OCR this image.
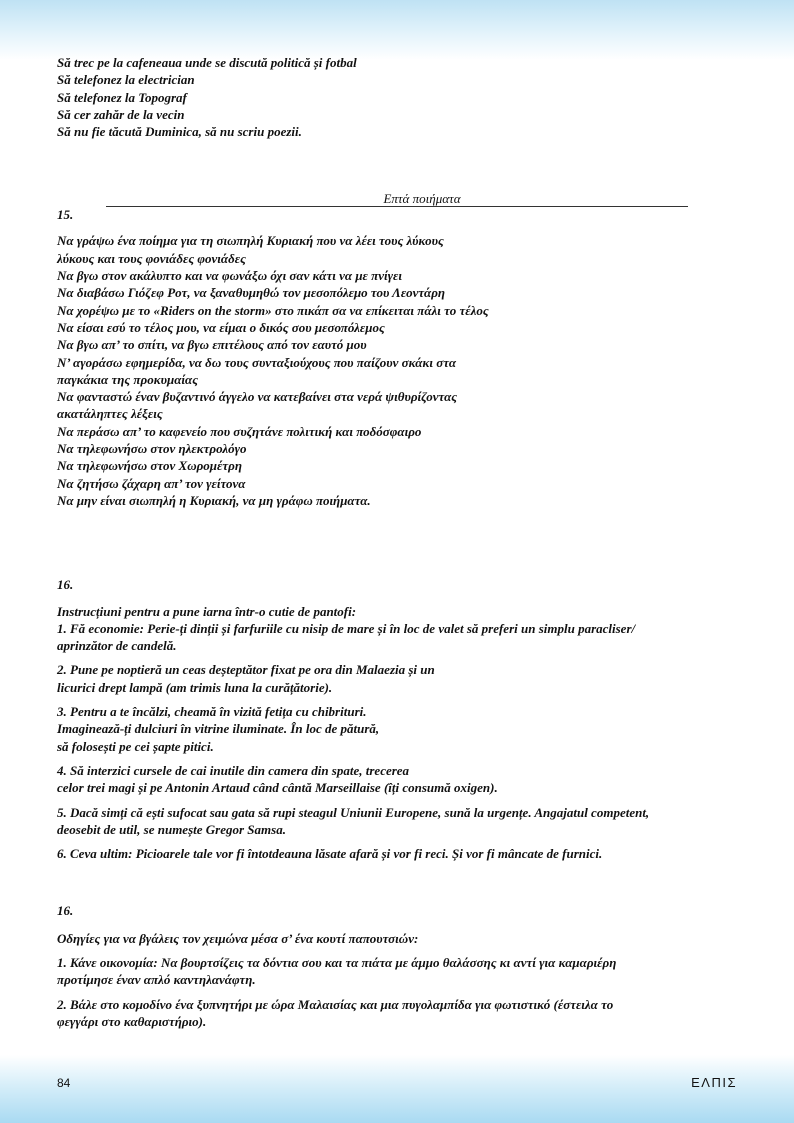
Să trec pe la cafeneaua unde se discută politică și fotbal
Să telefonez la electrician
Să telefonez la Topograf
Să cer zahăr de la vecin
Să nu fie tăcută Duminica, să nu scriu poezii.
Επτά ποιήματα
15.
Να γράψω ένα ποίημα για τη σιωπηλή Κυριακή που να λέει τους λύκους
λύκους και τους φονιάδες φονιάδες
Να βγω στον ακάλυπτο και να φωνάξω όχι σαν κάτι να με πνίγει
Να διαβάσω Γιόζεφ Ροτ, να ξαναθυμηθώ τον μεσοπόλεμο του Λεοντάρη
Να χορέψω με το «Riders on the storm» στο πικάπ σα να επίκειται πάλι το τέλος
Να είσαι εσύ το τέλος μου, να είμαι ο δικός σου μεσοπόλεμος
Να βγω απ’ το σπίτι, να βγω επιτέλους από τον εαυτό μου
Ν’ αγοράσω εφημερίδα, να δω τους συνταξιούχους που παίζουν σκάκι στα
παγκάκια της προκυμαίας
Να φανταστώ έναν βυζαντινό άγγελο να κατεβαίνει στα νερά ψιθυρίζοντας
ακατάληπτες λέξεις
Να περάσω απ’ το καφενείο που συζητάνε πολιτική και ποδόσφαιρο
Να τηλεφωνήσω στον ηλεκτρολόγο
Να τηλεφωνήσω στον Χωρομέτρη
Να ζητήσω ζάχαρη απ’ τον γείτονα
Να μην είναι σιωπηλή η Κυριακή, να μη γράφω ποιήματα.
16.
Instrucțiuni pentru a pune iarna într-o cutie de pantofi:
1. Fă economie: Perie-ți dinții și farfuriile cu nisip de mare și în loc de valet să preferi un simplu paracliser/
aprinzător de candelă.
2. Pune pe noptieră un ceas deșteptător fixat pe ora din Malaezia și un
licurici drept lampă (am trimis luna la curățătorie).
3. Pentru a te încălzi, cheamă în vizită fetița cu chibrituri.
Imaginează-ți dulciuri în vitrine iluminate. În loc de pătură,
să folosești pe cei șapte pitici.
4. Să interzici cursele de cai inutile din camera din spate, trecerea
celor trei magi și pe Antonin Artaud când cântă Marseillaise (îți consumă oxigen).
5. Dacă simți că ești sufocat sau gata să rupi steagul Uniunii Europene, sună la urgențe. Angajatul competent,
deosebit de util, se numește Gregor Samsa.
6. Ceva ultim: Picioarele tale vor fi întotdeauna lăsate afară și vor fi reci. Și vor fi mâncate de furnici.
16.
Οδηγίες για να βγάλεις τον χειμώνα μέσα σ’ ένα κουτί παπουτσιών:
1. Κάνε οικονομία: Να βουρτσίζεις τα δόντια σου και τα πιάτα με άμμο θαλάσσης κι αντί για καμαριέρη
προτίμησε έναν απλό καντηλανάφτη.
2. Βάλε στο κομοδίνο ένα ξυπνητήρι με ώρα Μαλαισίας και μια πυγολαμπίδα για φωτιστικό (έστειλα το
φεγγάρι στο καθαριστήριο).
84	ΕΛΠΙΣ
